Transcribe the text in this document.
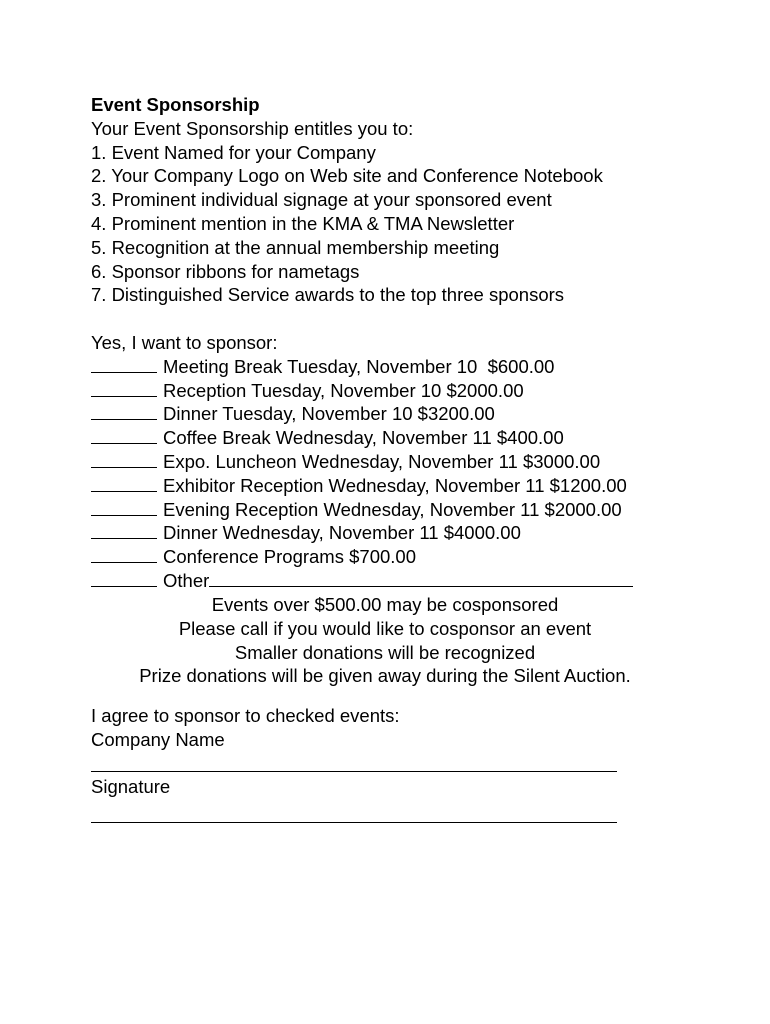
Event Sponsorship
Your Event Sponsorship entitles you to:
1. Event Named for your Company
2. Your Company Logo on Web site and Conference Notebook
3. Prominent individual signage at your sponsored event
4. Prominent mention in the KMA & TMA Newsletter
5. Recognition at the annual membership meeting
6. Sponsor ribbons for nametags
7. Distinguished Service awards to the top three sponsors
Yes, I want to sponsor:
Meeting Break Tuesday, November 10  $600.00
Reception Tuesday, November 10 $2000.00
Dinner Tuesday, November 10 $3200.00
Coffee Break Wednesday, November 11 $400.00
Expo. Luncheon Wednesday, November 11 $3000.00
Exhibitor Reception Wednesday, November 11 $1200.00
Evening Reception Wednesday, November 11 $2000.00
Dinner Wednesday, November 11 $4000.00
Conference Programs $700.00
Other
Events over $500.00 may be cosponsored
Please call if you would like to cosponsor an event
Smaller donations will be recognized
Prize donations will be given away during the Silent Auction.
I agree to sponsor to checked events:
Company Name
Signature
